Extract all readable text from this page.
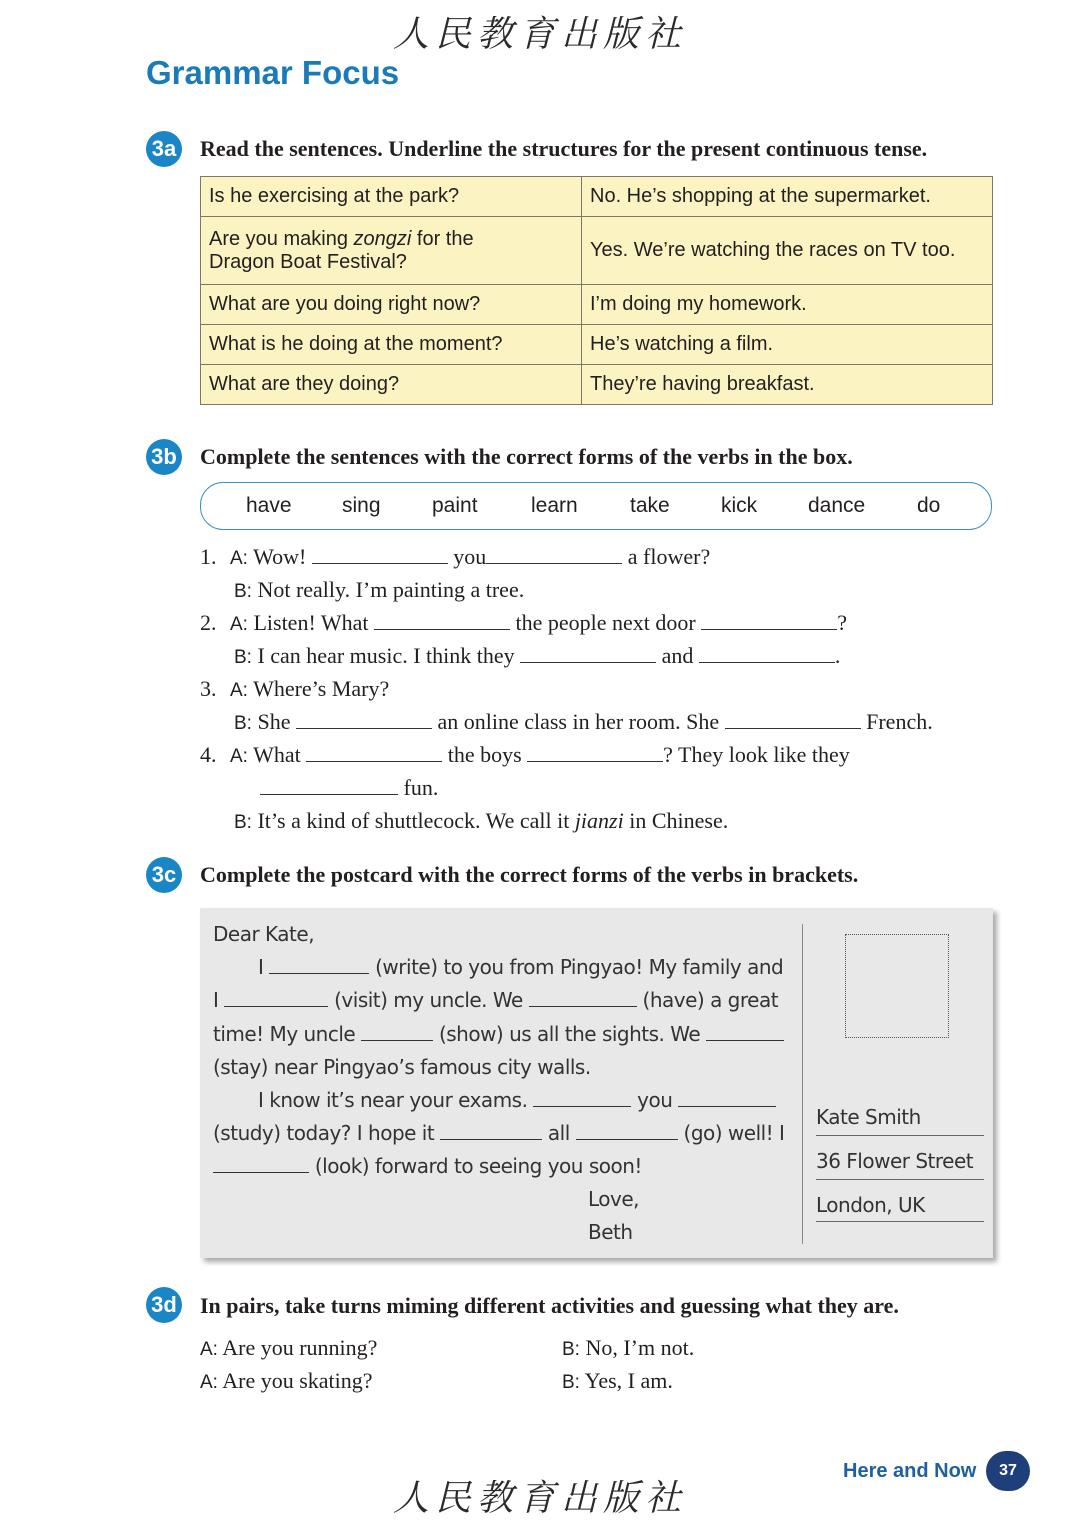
人民教育出版社
人民教育出版社
Grammar Focus
3a Read the sentences. Underline the structures for the present continuous tense.
Is he exercising at the park?	No. He’s shopping at the supermarket.
Are you making zongzi for the
Dragon Boat Festival?	Yes. We’re watching the races on TV too.
What are you doing right now?	I’m doing my homework.
What is he doing at the moment?	He’s watching a film.
What are they doing?	They’re having breakfast.
3b Complete the sentences with the correct forms of the verbs in the box.
have sing paint	learn take kick dance do
1. A: Wow!	you	a flower?
B: Not really. I’m painting a tree.
2. A: Listen! What	the people next door	?
B: I can hear music. I think they	and	.
3. A: Where’s Mary?
B: She	an online class in her room. She	French.
4. A: What	the boys	? They look like they
fun.
B: It’s a kind of shuttlecock. We call it jianzi in Chinese.
3c Complete the postcard with the correct forms of the verbs in brackets.
Dear Kate,
I	(write) to you from Pingyao! My family and
I	(visit) my uncle. We	(have) a great
time! My uncle	(show) us all the sights. We
(stay) near Pingyao’s famous city walls.
I know it’s near your exams.	you
(study) today? I hope it	all	(go) well! I
(look) forward to seeing you soon!
Love,
Beth
Kate Smith
36 Flower Street
London, UK
3d In pairs, take turns miming different activities and guessing what they are.
A: Are you running?	B: No, I’m not.
A: Are you skating?	B: Yes, I am.
Here and Now	37
